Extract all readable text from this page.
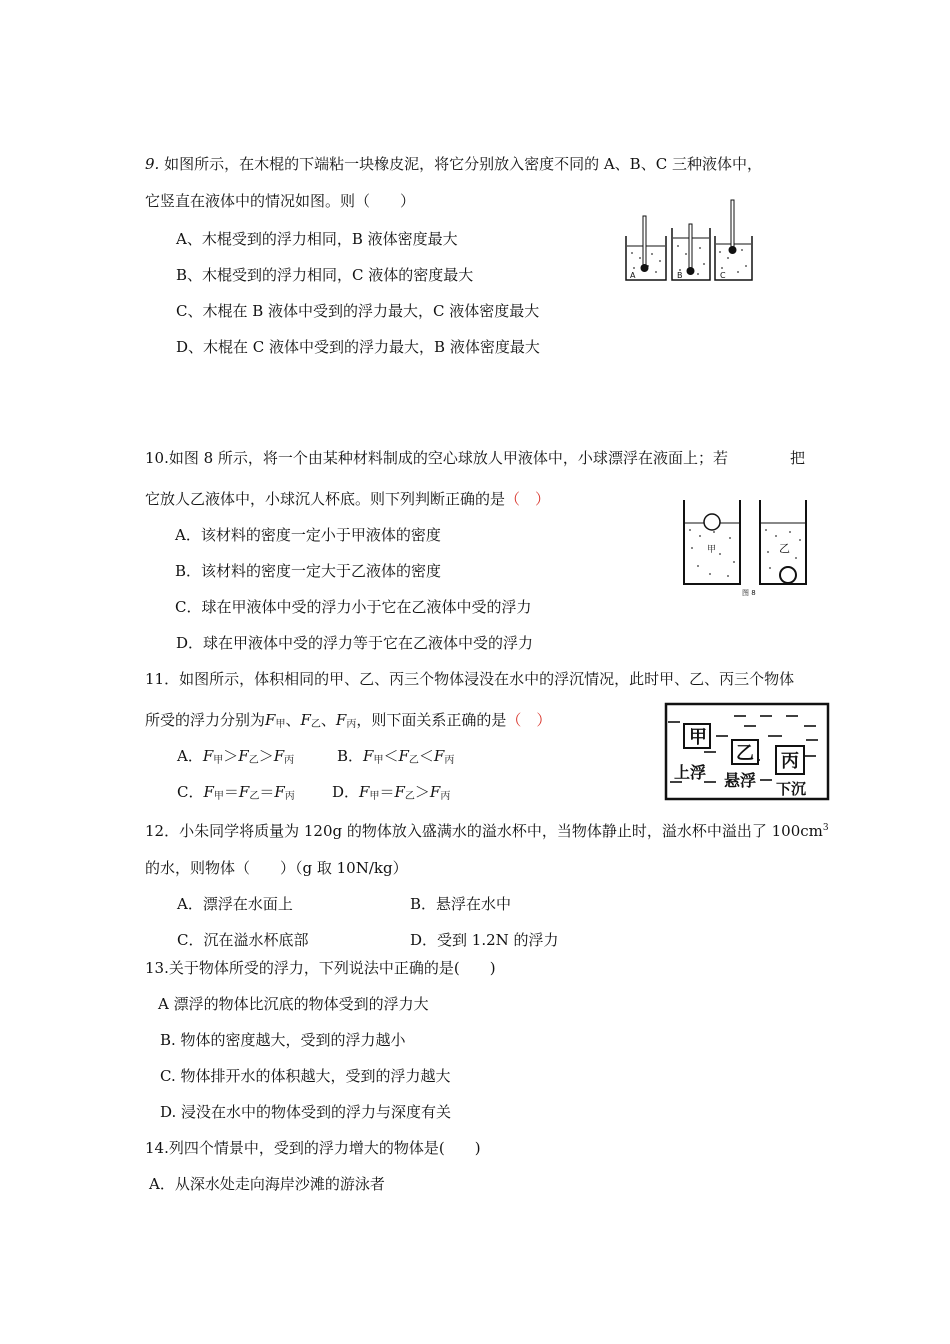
9. 如图所示，在木棍的下端粘一块橡皮泥，将它分别放入密度不同的 A、B、C 三种液体中，
它竖直在液体中的情况如图。则（　　）
A、木棍受到的浮力相同，B 液体密度最大
B、木棍受到的浮力相同，C 液体的密度最大
C、木棍在 B 液体中受到的浮力最大，C 液体密度最大
D、木棍在 C 液体中受到的浮力最大，B 液体密度最大
A	B	C
10.如图 8 所示，将一个由某种材料制成的空心球放人甲液体中，小球漂浮在液面上；若	把
它放人乙液体中，小球沉人杯底。则下列判断正确的是（　）
A．该材料的密度一定小于甲液体的密度
B．该材料的密度一定大于乙液体的密度
C．球在甲液体中受的浮力小于它在乙液体中受的浮力
D．球在甲液体中受的浮力等于它在乙液体中受的浮力
甲	乙
图 8
11．如图所示，体积相同的甲、乙、丙三个物体浸没在水中的浮沉情况，此时甲、乙、丙三个物体
所受的浮力分别为$F_甲$、$F_乙$、$F_丙$，则下面关系正确的是（　）
A．$F_甲>F_乙>F_丙$	B．$F_甲<F_乙<F_丙$
C．$F_甲=F_乙=F_丙$ D．$F_甲=F_乙>F_丙$
甲
乙 丙
上浮 悬浮 下沉
12．小朱同学将质量为 120g 的物体放入盛满水的溢水杯中，当物体静止时，溢水杯中溢出了 $100cm^3$
的水，则物体（　　）（g 取 10N/kg）
A．漂浮在水面上	B．悬浮在水中
C．沉在溢水杯底部	D．受到 1.2N 的浮力
13.关于物体所受的浮力，下列说法中正确的是(　　)
A 漂浮的物体比沉底的物体受到的浮力大
B. 物体的密度越大，受到的浮力越小
C. 物体排开水的体积越大，受到的浮力越大
D. 浸没在水中的物体受到的浮力与深度有关
14.列四个情景中，受到的浮力增大的物体是(　　)
A．从深水处走向海岸沙滩的游泳者
